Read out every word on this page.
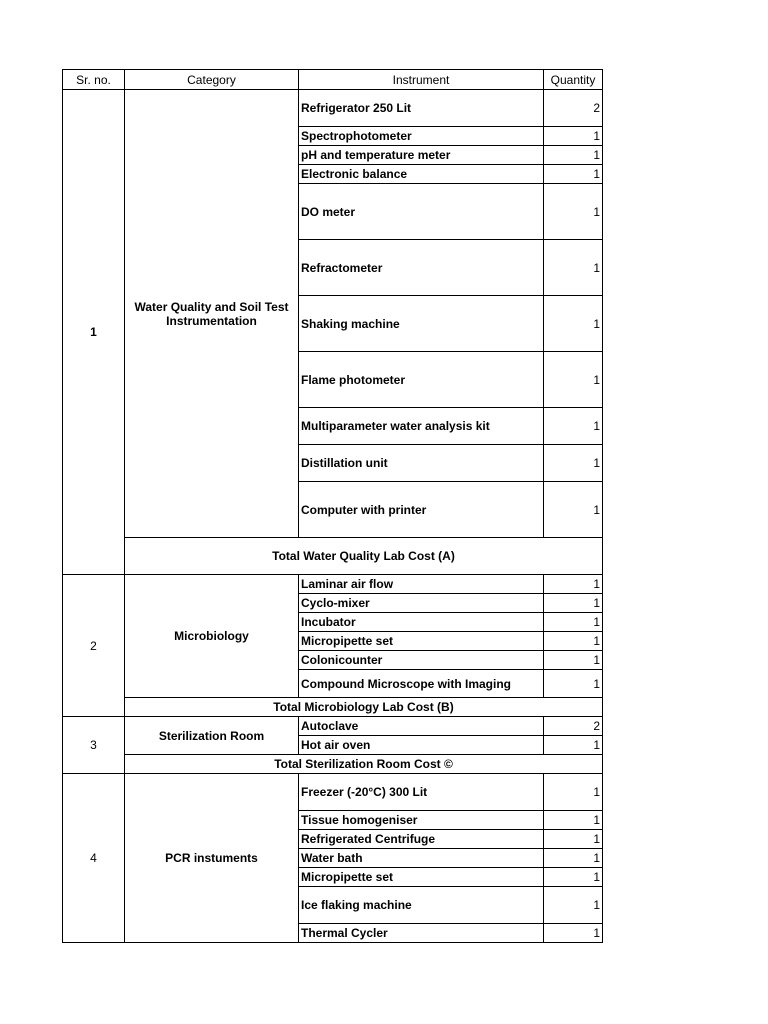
Sr. no.	Category	Instrument	Quantity
1	Water Quality and Soil Test Instrumentation	Refrigerator 250 Lit	2
		Spectrophotometer	1
		pH and temperature meter	1
		Electronic balance	1
		DO meter	1
		Refractometer	1
		Shaking machine	1
		Flame photometer	1
		Multiparameter water analysis kit	1
		Distillation unit	1
		Computer with printer	1
	Total Water Quality Lab Cost (A)		
2	Microbiology	Laminar air flow	1
		Cyclo-mixer	1
		Incubator	1
		Micropipette set	1
		Colonicounter	1
		Compound Microscope with Imaging	1
	Total Microbiology Lab Cost (B)		
3	Sterilization Room	Autoclave	2
		Hot air oven	1
	Total Sterilization Room Cost ©		
4	PCR instuments	Freezer (-20°C) 300 Lit	1
		Tissue homogeniser	1
		Refrigerated Centrifuge	1
		Water bath	1
		Micropipette set	1
		Ice flaking machine	1
		Thermal Cycler	1
